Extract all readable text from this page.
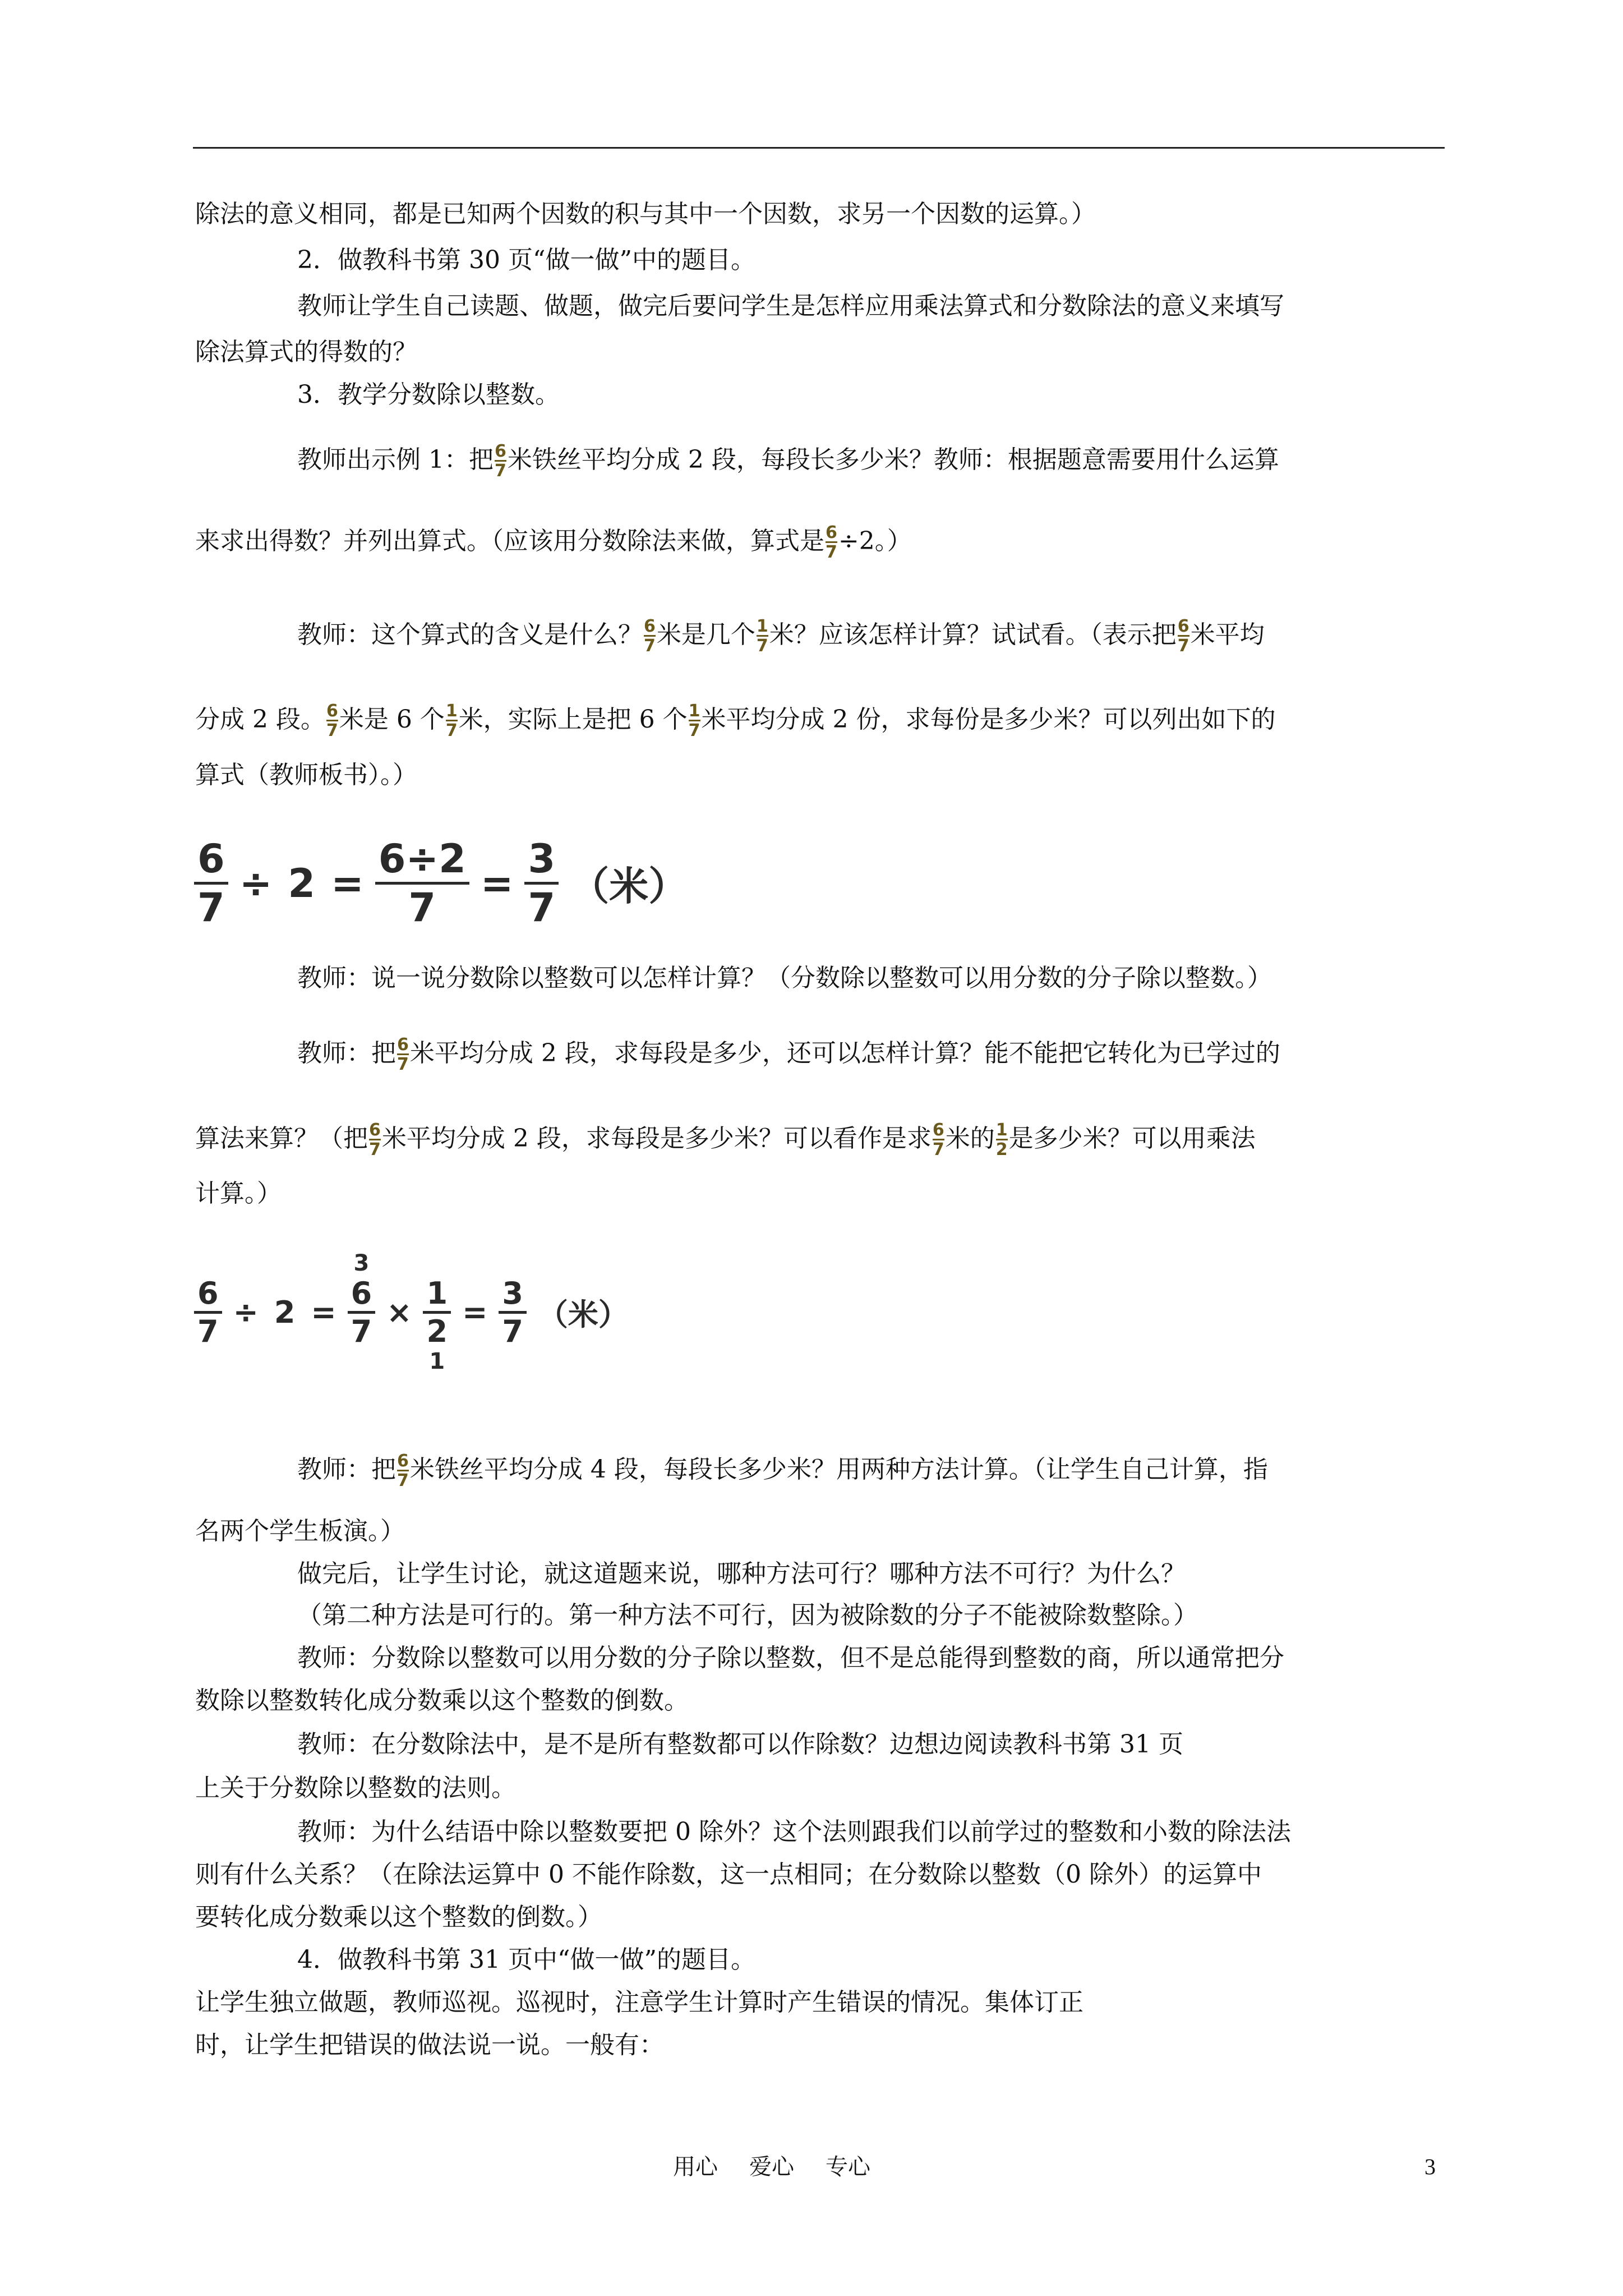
除法的意义相同，都是已知两个因数的积与其中一个因数，求另一个因数的运算。）
2．做教科书第 30 页“做一做”中的题目。
教师让学生自己读题、做题，做完后要问学生是怎样应用乘法算式和分数除法的意义来填写
除法算式的得数的？
3．教学分数除以整数。
教师出示例 1：把 $\frac{6}{7}$ 米铁丝平均分成 2 段，每段长多少米？教师：根据题意需要用什么运算
来求出得数？并列出算式。（应该用分数除法来做，算式是 $\frac{6}{7} \div 2$。）
教师：这个算式的含义是什么？ $\frac{6}{7}$ 米是几个 $\frac{1}{7}$ 米？应该怎样计算？试试看。（表示把 $\frac{6}{7}$ 米平均
分成 2 段。 $\frac{6}{7}$ 米是 6 个 $\frac{1}{7}$ 米，实际上是把 6 个 $\frac{1}{7}$ 米平均分成 2 份，求每份是多少米？可以列出如下的
算式（教师板书）。）
$\frac{6}{7} \div 2 = \frac{6\div 2}{7} = \frac{3}{7}$ （米）
教师：说一说分数除以整数可以怎样计算？（分数除以整数可以用分数的分子除以整数。）
教师：把 $\frac{6}{7}$ 米平均分成 2 段，求每段是多少，还可以怎样计算？能不能把它转化为已学过的
算法来算？（把 $\frac{6}{7}$ 米平均分成 2 段，求每段是多少米？可以看作是求 $\frac{6}{7}$ 米的 $\frac{1}{2}$ 是多少米？可以用乘法
计算。）
$\frac{6}{7} \div 2$ =
3
$\frac{6}{7} \times \frac{1}{2}$
1
= $\frac{3}{7}$ （米）
教师：把 $\frac{6}{7}$ 米铁丝平均分成 4 段，每段长多少米？用两种方法计算。（让学生自己计算，指
名两个学生板演。）
做完后，让学生讨论，就这道题来说，哪种方法可行？哪种方法不可行？为什么？
（第二种方法是可行的。第一种方法不可行，因为被除数的分子不能被除数整除。）
教师：分数除以整数可以用分数的分子除以整数，但不是总能得到整数的商，所以通常把分
数除以整数转化成分数乘以这个整数的倒数。
教师：在分数除法中，是不是所有整数都可以作除数？边想边阅读教科书第 31 页
上关于分数除以整数的法则。
教师：为什么结语中除以整数要把 0 除外？这个法则跟我们以前学过的整数和小数的除法法
则有什么关系？（在除法运算中 0 不能作除数，这一点相同；在分数除以整数（0 除外）的运算中
要转化成分数乘以这个整数的倒数。）
4．做教科书第 31 页中“做一做”的题目。
让学生独立做题，教师巡视。巡视时，注意学生计算时产生错误的情况。集体订正
时，让学生把错误的做法说一说。一般有：
用心 爱心 专心	3
